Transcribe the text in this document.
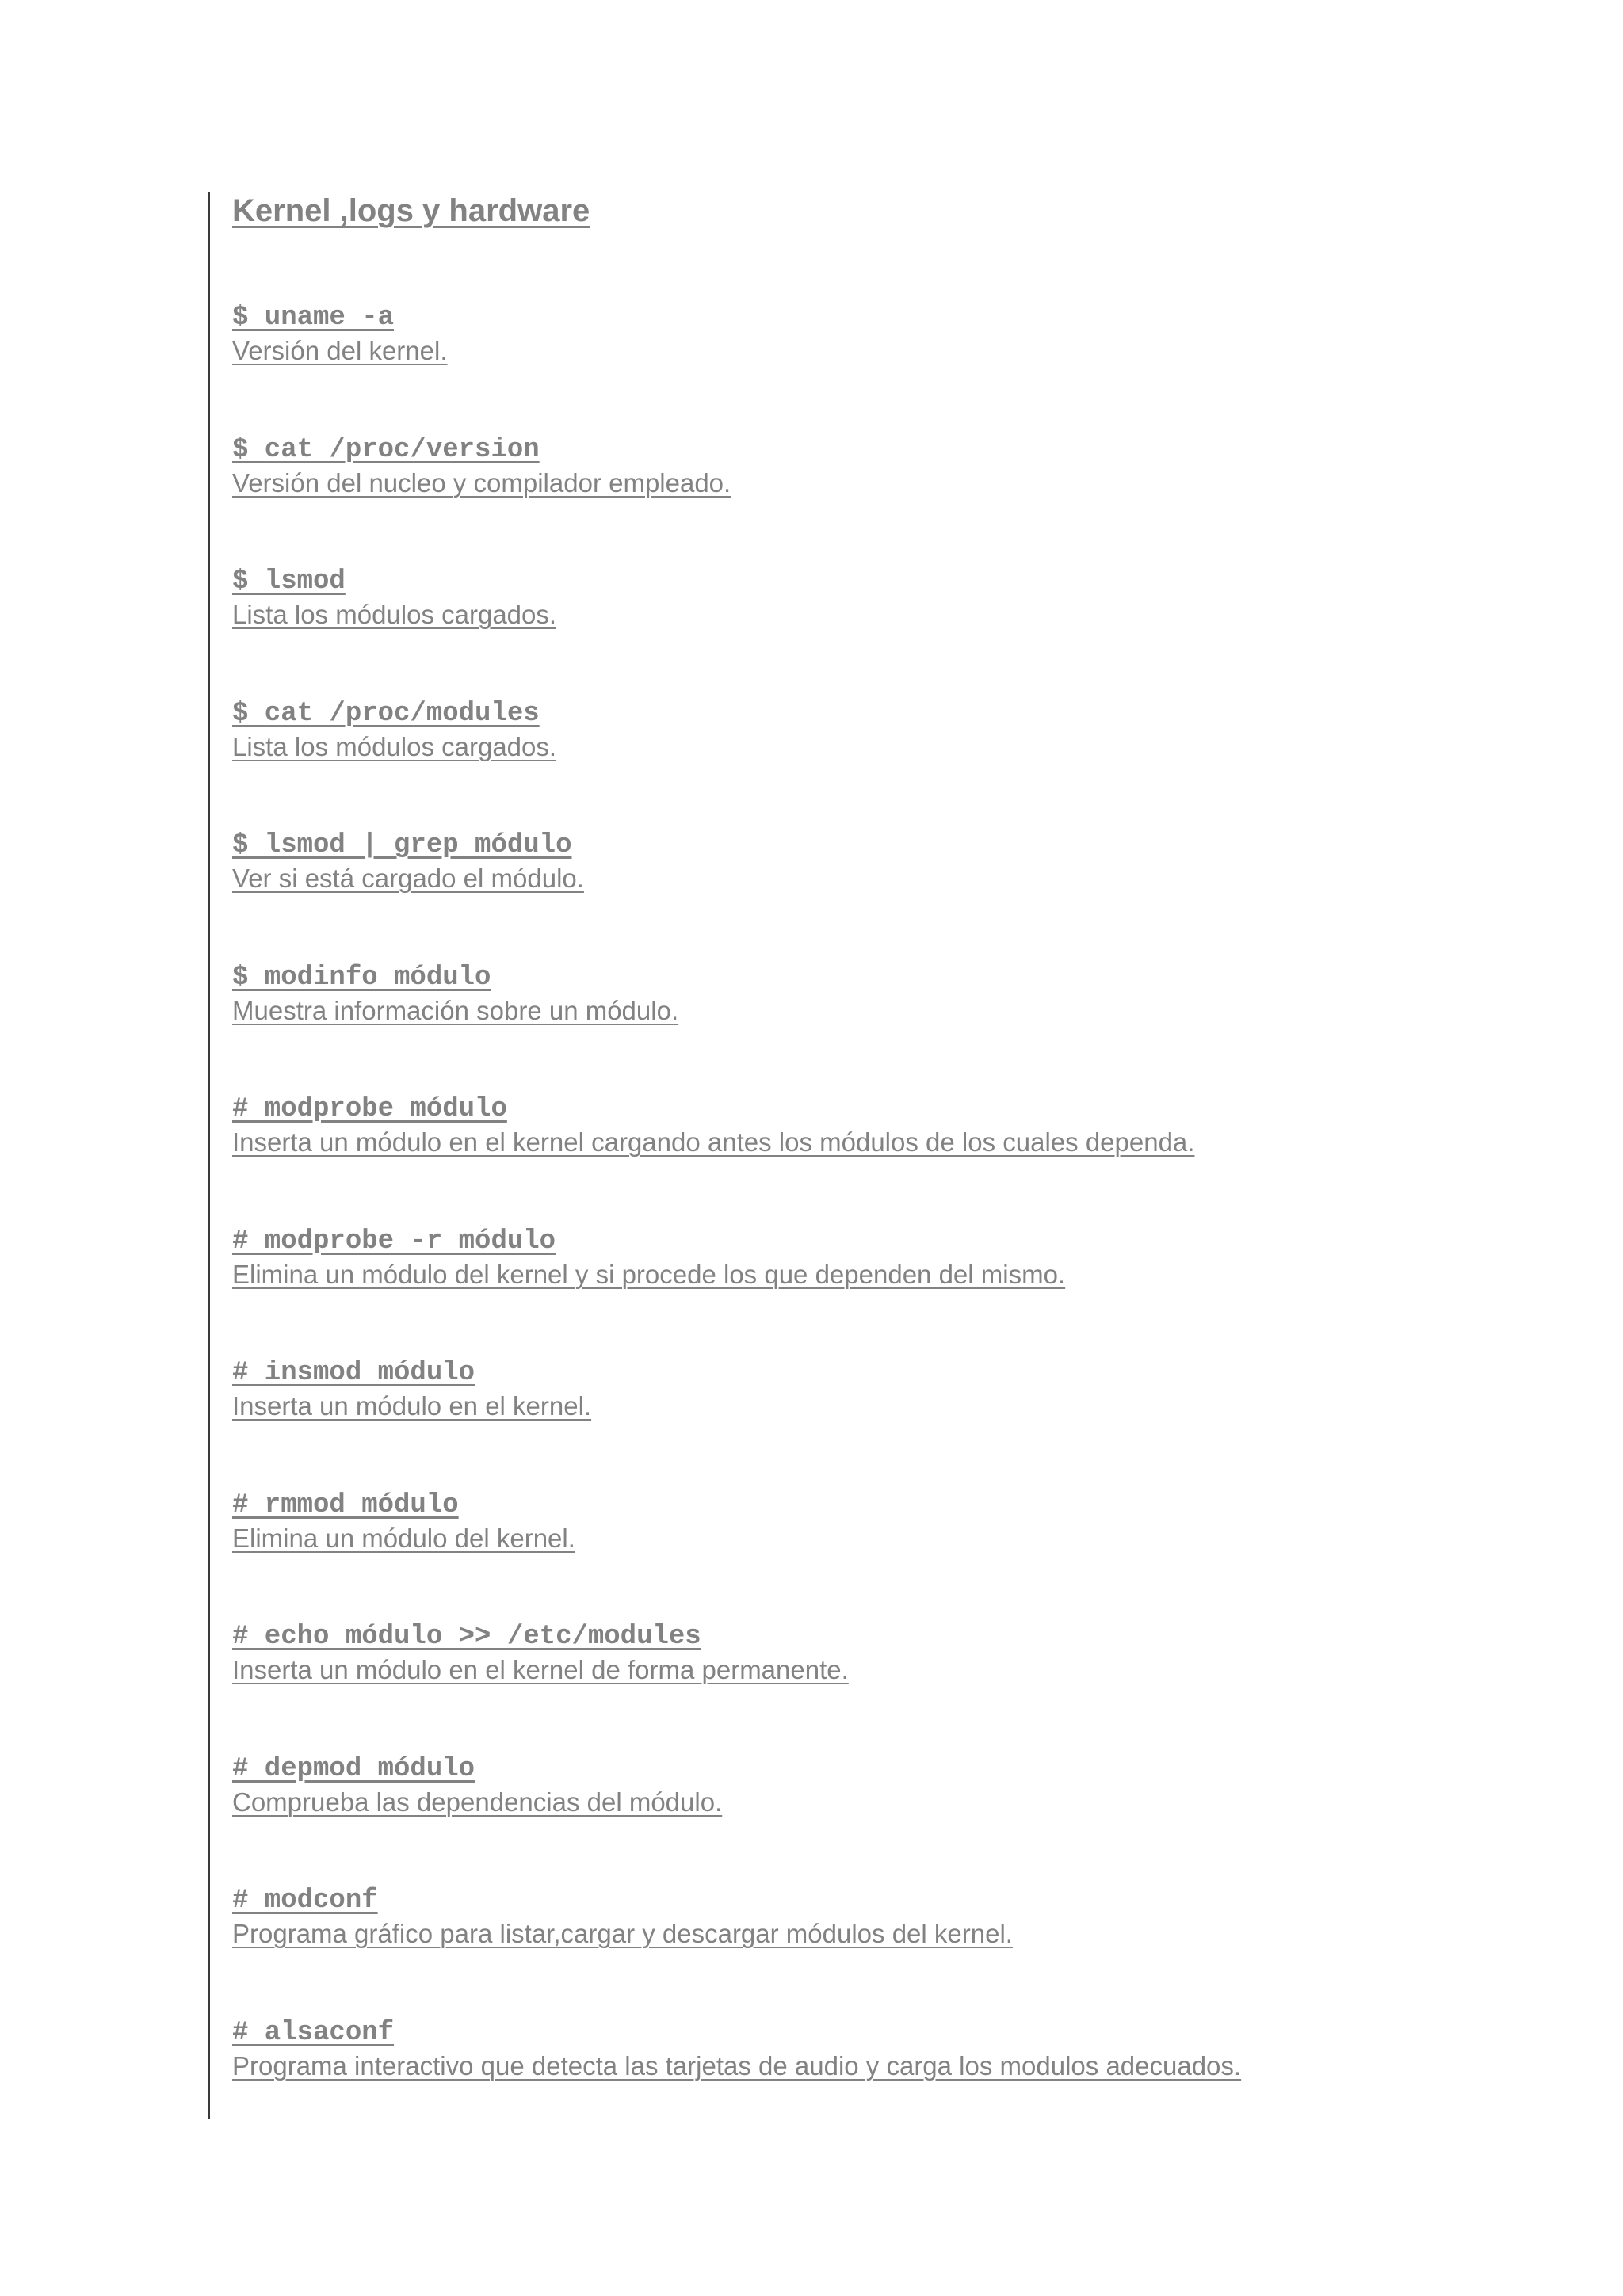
Kernel ,logs y hardware
$ uname -a
Versión del kernel.
$ cat /proc/version
Versión del nucleo y compilador empleado.
$ lsmod
Lista los módulos cargados.
$ cat /proc/modules
Lista los módulos cargados.
$ lsmod | grep módulo
Ver si está cargado el módulo.
$ modinfo módulo
Muestra información sobre un módulo.
# modprobe módulo
Inserta un módulo en el kernel cargando antes los módulos de los cuales dependa.
# modprobe -r módulo
Elimina un módulo del kernel y si procede los que dependen del mismo.
# insmod módulo
Inserta un módulo en el kernel.
# rmmod módulo
Elimina un módulo del kernel.
# echo módulo >> /etc/modules
Inserta un módulo en el kernel de forma permanente.
# depmod módulo
Comprueba las dependencias del módulo.
# modconf
Programa gráfico para listar,cargar y descargar módulos del kernel.
# alsaconf
Programa interactivo que detecta las tarjetas de audio y carga los modulos adecuados.
